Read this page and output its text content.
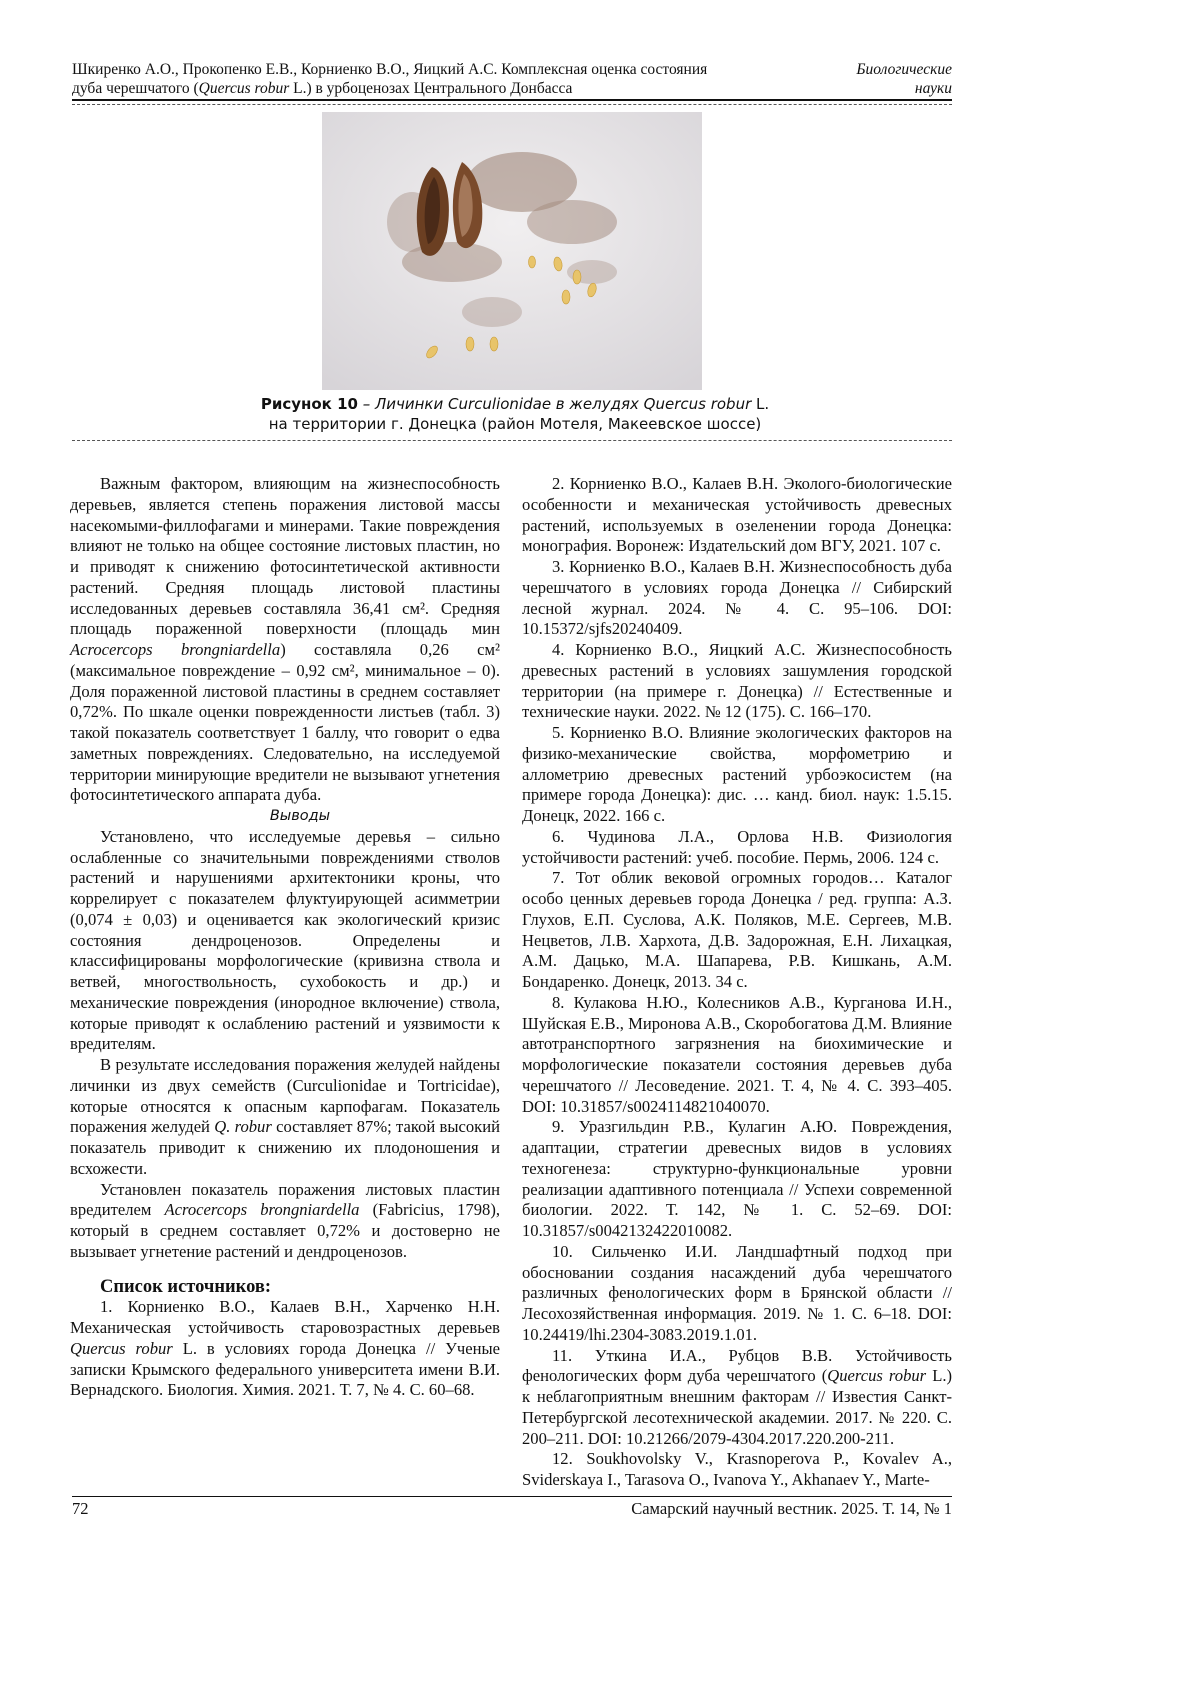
Шкиренко А.О., Прокопенко Е.В., Корниенко В.О., Яицкий А.С. Комплексная оценка состояния
дуба черешчатого (Quercus robur L.) в урбоценозах Центрального Донбасса
Биологические
науки
Рисунок 10 – Личинки Curculionidae в желудях Quercus robur L.
на территории г. Донецка (район Мотеля, Макеевское шоссе)

Важным фактором, влияющим на жизнеспособность деревьев, является степень поражения листовой массы насекомыми-филлофагами и минерами. Такие повреждения влияют не только на общее состояние листовых пластин, но и приводят к снижению фотосинтетической активности растений. Средняя площадь листовой пластины исследованных деревьев составляла 36,41 см². Средняя площадь пораженной поверхности (площадь мин Acrocercops brongniardella) составляла 0,26 см² (максимальное повреждение – 0,92 см², минимальное – 0). Доля пораженной листовой пластины в среднем составляет 0,72%. По шкале оценки поврежденности листьев (табл. 3) такой показатель соответствует 1 баллу, что говорит о едва заметных повреждениях. Следовательно, на исследуемой территории минирующие вредители не вызывают угнетения фотосинтетического аппарата дуба.

Выводы

Установлено, что исследуемые деревья – сильно ослабленные со значительными повреждениями стволов растений и нарушениями архитектоники кроны, что коррелирует с показателем флуктуирующей асимметрии (0,074 ± 0,03) и оценивается как экологический кризис состояния дендроценозов. Определены и классифицированы морфологические (кривизна ствола и ветвей, многоствольность, сухобокость и др.) и механические повреждения (инородное включение) ствола, которые приводят к ослаблению растений и уязвимости к вредителям.

В результате исследования поражения желудей найдены личинки из двух семейств (Curculionidae и Tortricidae), которые относятся к опасным карпофагам. Показатель поражения желудей Q. robur составляет 87%; такой высокий показатель приводит к снижению их плодоношения и всхожести.

Установлен показатель поражения листовых пластин вредителем Acrocercops brongniardella (Fabricius, 1798), который в среднем составляет 0,72% и достоверно не вызывает угнетение растений и дендроценозов.

Список источников:

1. Корниенко В.О., Калаев В.Н., Харченко Н.Н. Механическая устойчивость старовозрастных деревьев Quercus robur L. в условиях города Донецка // Ученые записки Крымского федерального университета имени В.И. Вернадского. Биология. Химия. 2021. Т. 7, № 4. С. 60–68.

2. Корниенко В.О., Калаев В.Н. Эколого-биологические особенности и механическая устойчивость древесных растений, используемых в озеленении города Донецка: монография. Воронеж: Издательский дом ВГУ, 2021. 107 с.

3. Корниенко В.О., Калаев В.Н. Жизнеспособность дуба черешчатого в условиях города Донецка // Сибирский лесной журнал. 2024. № 4. С. 95–106. DOI: 10.15372/sjfs20240409.

4. Корниенко В.О., Яицкий А.С. Жизнеспособность древесных растений в условиях зашумления городской территории (на примере г. Донецка) // Естественные и технические науки. 2022. № 12 (175). С. 166–170.

5. Корниенко В.О. Влияние экологических факторов на физико-механические свойства, морфометрию и аллометрию древесных растений урбоэкосистем (на примере города Донецка): дис. … канд. биол. наук: 1.5.15. Донецк, 2022. 166 с.

6. Чудинова Л.А., Орлова Н.В. Физиология устойчивости растений: учеб. пособие. Пермь, 2006. 124 с.

7. Тот облик вековой огромных городов… Каталог особо ценных деревьев города Донецка / ред. группа: А.З. Глухов, Е.П. Суслова, А.К. Поляков, М.Е. Сергеев, М.В. Нецветов, Л.В. Хархота, Д.В. Задорожная, Е.Н. Лихацкая, А.М. Дацько, М.А. Шапарева, Р.В. Кишкань, А.М. Бондаренко. Донецк, 2013. 34 с.

8. Кулакова Н.Ю., Колесников А.В., Курганова И.Н., Шуйская Е.В., Миронова А.В., Скоробогатова Д.М. Влияние автотранспортного загрязнения на биохимические и морфологические показатели состояния деревьев дуба черешчатого // Лесоведение. 2021. Т. 4, № 4. С. 393–405. DOI: 10.31857/s0024114821040070.

9. Уразгильдин Р.В., Кулагин А.Ю. Повреждения, адаптации, стратегии древесных видов в условиях техногенеза: структурно-функциональные уровни реализации адаптивного потенциала // Успехи современной биологии. 2022. Т. 142, № 1. С. 52–69. DOI: 10.31857/s0042132422010082.

10. Сильченко И.И. Ландшафтный подход при обосновании создания насаждений дуба черешчатого различных фенологических форм в Брянской области // Лесохозяйственная информация. 2019. № 1. С. 6–18. DOI: 10.24419/lhi.2304-3083.2019.1.01.

11. Уткина И.А., Рубцов В.В. Устойчивость фенологических форм дуба черешчатого (Quercus robur L.) к неблагоприятным внешним факторам // Известия Санкт-Петербургской лесотехнической академии. 2017. № 220. С. 200–211. DOI: 10.21266/2079-4304.2017.220.200-211.

12. Soukhovolsky V., Krasnoperova P., Kovalev A., Sviderskaya I., Tarasova O., Ivanova Y., Akhanaev Y., Marte-

72	Самарский научный вестник. 2025. Т. 14, № 1
